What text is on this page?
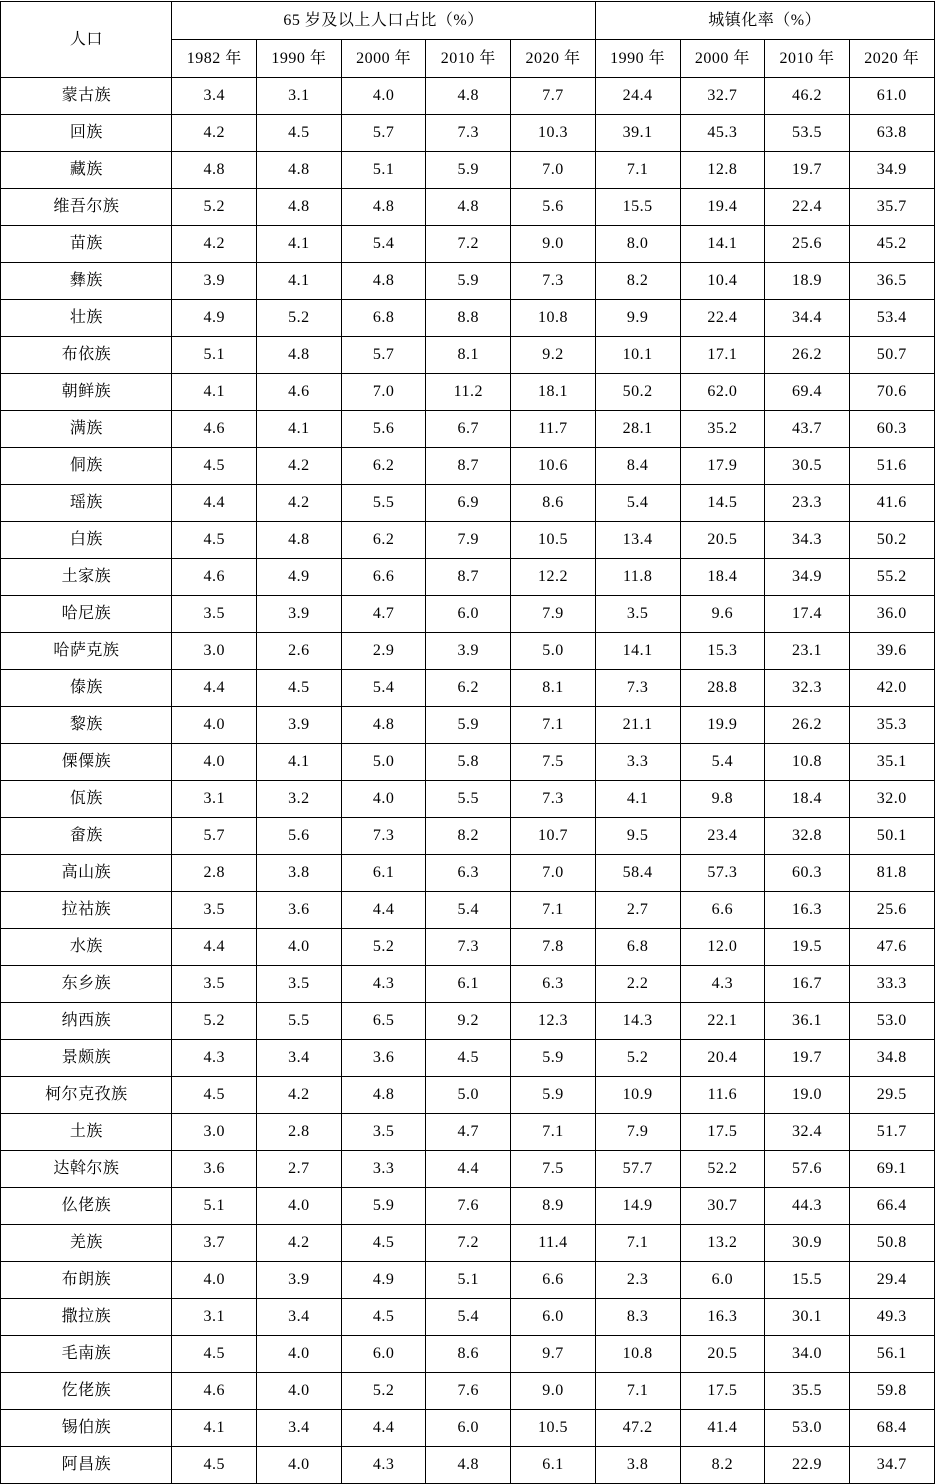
人口	65 岁及以上人口占比（%）					城镇化率（%）			
	1982 年	1990 年	2000 年	2010 年	2020 年	1990 年	2000 年	2010 年	2020 年
蒙古族	3.4	3.1	4.0	4.8	7.7	24.4	32.7	46.2	61.0
回族	4.2	4.5	5.7	7.3	10.3	39.1	45.3	53.5	63.8
藏族	4.8	4.8	5.1	5.9	7.0	7.1	12.8	19.7	34.9
维吾尔族	5.2	4.8	4.8	4.8	5.6	15.5	19.4	22.4	35.7
苗族	4.2	4.1	5.4	7.2	9.0	8.0	14.1	25.6	45.2
彝族	3.9	4.1	4.8	5.9	7.3	8.2	10.4	18.9	36.5
壮族	4.9	5.2	6.8	8.8	10.8	9.9	22.4	34.4	53.4
布依族	5.1	4.8	5.7	8.1	9.2	10.1	17.1	26.2	50.7
朝鲜族	4.1	4.6	7.0	11.2	18.1	50.2	62.0	69.4	70.6
满族	4.6	4.1	5.6	6.7	11.7	28.1	35.2	43.7	60.3
侗族	4.5	4.2	6.2	8.7	10.6	8.4	17.9	30.5	51.6
瑶族	4.4	4.2	5.5	6.9	8.6	5.4	14.5	23.3	41.6
白族	4.5	4.8	6.2	7.9	10.5	13.4	20.5	34.3	50.2
土家族	4.6	4.9	6.6	8.7	12.2	11.8	18.4	34.9	55.2
哈尼族	3.5	3.9	4.7	6.0	7.9	3.5	9.6	17.4	36.0
哈萨克族	3.0	2.6	2.9	3.9	5.0	14.1	15.3	23.1	39.6
傣族	4.4	4.5	5.4	6.2	8.1	7.3	28.8	32.3	42.0
黎族	4.0	3.9	4.8	5.9	7.1	21.1	19.9	26.2	35.3
傈僳族	4.0	4.1	5.0	5.8	7.5	3.3	5.4	10.8	35.1
佤族	3.1	3.2	4.0	5.5	7.3	4.1	9.8	18.4	32.0
畲族	5.7	5.6	7.3	8.2	10.7	9.5	23.4	32.8	50.1
高山族	2.8	3.8	6.1	6.3	7.0	58.4	57.3	60.3	81.8
拉祜族	3.5	3.6	4.4	5.4	7.1	2.7	6.6	16.3	25.6
水族	4.4	4.0	5.2	7.3	7.8	6.8	12.0	19.5	47.6
东乡族	3.5	3.5	4.3	6.1	6.3	2.2	4.3	16.7	33.3
纳西族	5.2	5.5	6.5	9.2	12.3	14.3	22.1	36.1	53.0
景颇族	4.3	3.4	3.6	4.5	5.9	5.2	20.4	19.7	34.8
柯尔克孜族	4.5	4.2	4.8	5.0	5.9	10.9	11.6	19.0	29.5
土族	3.0	2.8	3.5	4.7	7.1	7.9	17.5	32.4	51.7
达斡尔族	3.6	2.7	3.3	4.4	7.5	57.7	52.2	57.6	69.1
仫佬族	5.1	4.0	5.9	7.6	8.9	14.9	30.7	44.3	66.4
羌族	3.7	4.2	4.5	7.2	11.4	7.1	13.2	30.9	50.8
布朗族	4.0	3.9	4.9	5.1	6.6	2.3	6.0	15.5	29.4
撒拉族	3.1	3.4	4.5	5.4	6.0	8.3	16.3	30.1	49.3
毛南族	4.5	4.0	6.0	8.6	9.7	10.8	20.5	34.0	56.1
仡佬族	4.6	4.0	5.2	7.6	9.0	7.1	17.5	35.5	59.8
锡伯族	4.1	3.4	4.4	6.0	10.5	47.2	41.4	53.0	68.4
阿昌族	4.5	4.0	4.3	4.8	6.1	3.8	8.2	22.9	34.7
